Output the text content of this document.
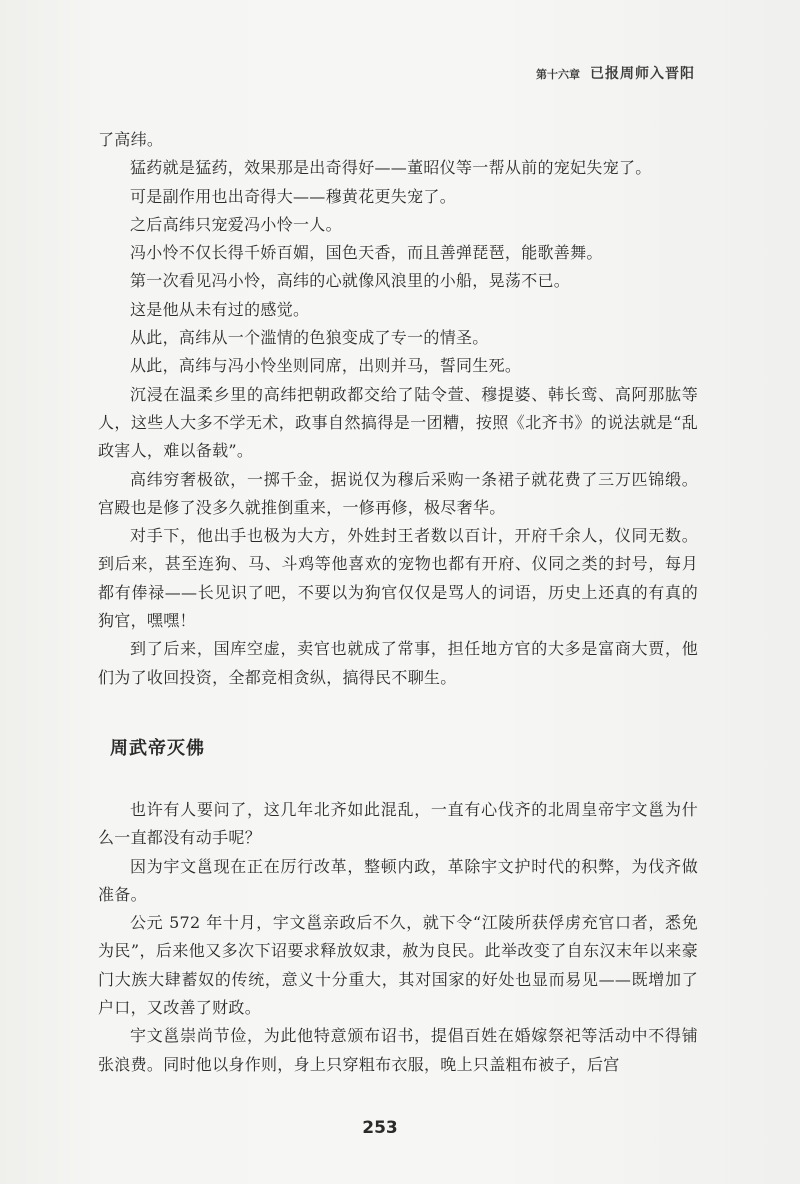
第十六章 已报周师入晋阳

了高纬。

猛药就是猛药，效果那是出奇得好——董昭仪等一帮从前的宠妃失宠了。

可是副作用也出奇得大——穆黄花更失宠了。

之后高纬只宠爱冯小怜一人。

冯小怜不仅长得千娇百媚，国色天香，而且善弹琵琶，能歌善舞。

第一次看见冯小怜，高纬的心就像风浪里的小船，晃荡不已。

这是他从未有过的感觉。

从此，高纬从一个滥情的色狼变成了专一的情圣。

从此，高纬与冯小怜坐则同席，出则并马，誓同生死。

沉浸在温柔乡里的高纬把朝政都交给了陆令萱、穆提婆、韩长鸾、高阿那肱等人，这些人大多不学无术，政事自然搞得是一团糟，按照《北齐书》的说法就是“乱政害人，难以备载”。

高纬穷奢极欲，一掷千金，据说仅为穆后采购一条裙子就花费了三万匹锦缎。宫殿也是修了没多久就推倒重来，一修再修，极尽奢华。

对手下，他出手也极为大方，外姓封王者数以百计，开府千余人，仪同无数。到后来，甚至连狗、马、斗鸡等他喜欢的宠物也都有开府、仪同之类的封号，每月都有俸禄——长见识了吧，不要以为狗官仅仅是骂人的词语，历史上还真的有真的狗官，嘿嘿！

到了后来，国库空虚，卖官也就成了常事，担任地方官的大多是富商大贾，他们为了收回投资，全都竞相贪纵，搞得民不聊生。

周武帝灭佛

也许有人要问了，这几年北齐如此混乱，一直有心伐齐的北周皇帝宇文邕为什么一直都没有动手呢？

因为宇文邕现在正在厉行改革，整顿内政，革除宇文护时代的积弊，为伐齐做准备。

公元 572 年十月，宇文邕亲政后不久，就下令“江陵所获俘虏充官口者，悉免为民”，后来他又多次下诏要求释放奴隶，赦为良民。此举改变了自东汉末年以来豪门大族大肆蓄奴的传统，意义十分重大，其对国家的好处也显而易见——既增加了户口，又改善了财政。

宇文邕崇尚节俭，为此他特意颁布诏书，提倡百姓在婚嫁祭祀等活动中不得铺张浪费。同时他以身作则，身上只穿粗布衣服，晚上只盖粗布被子，后宫

253
